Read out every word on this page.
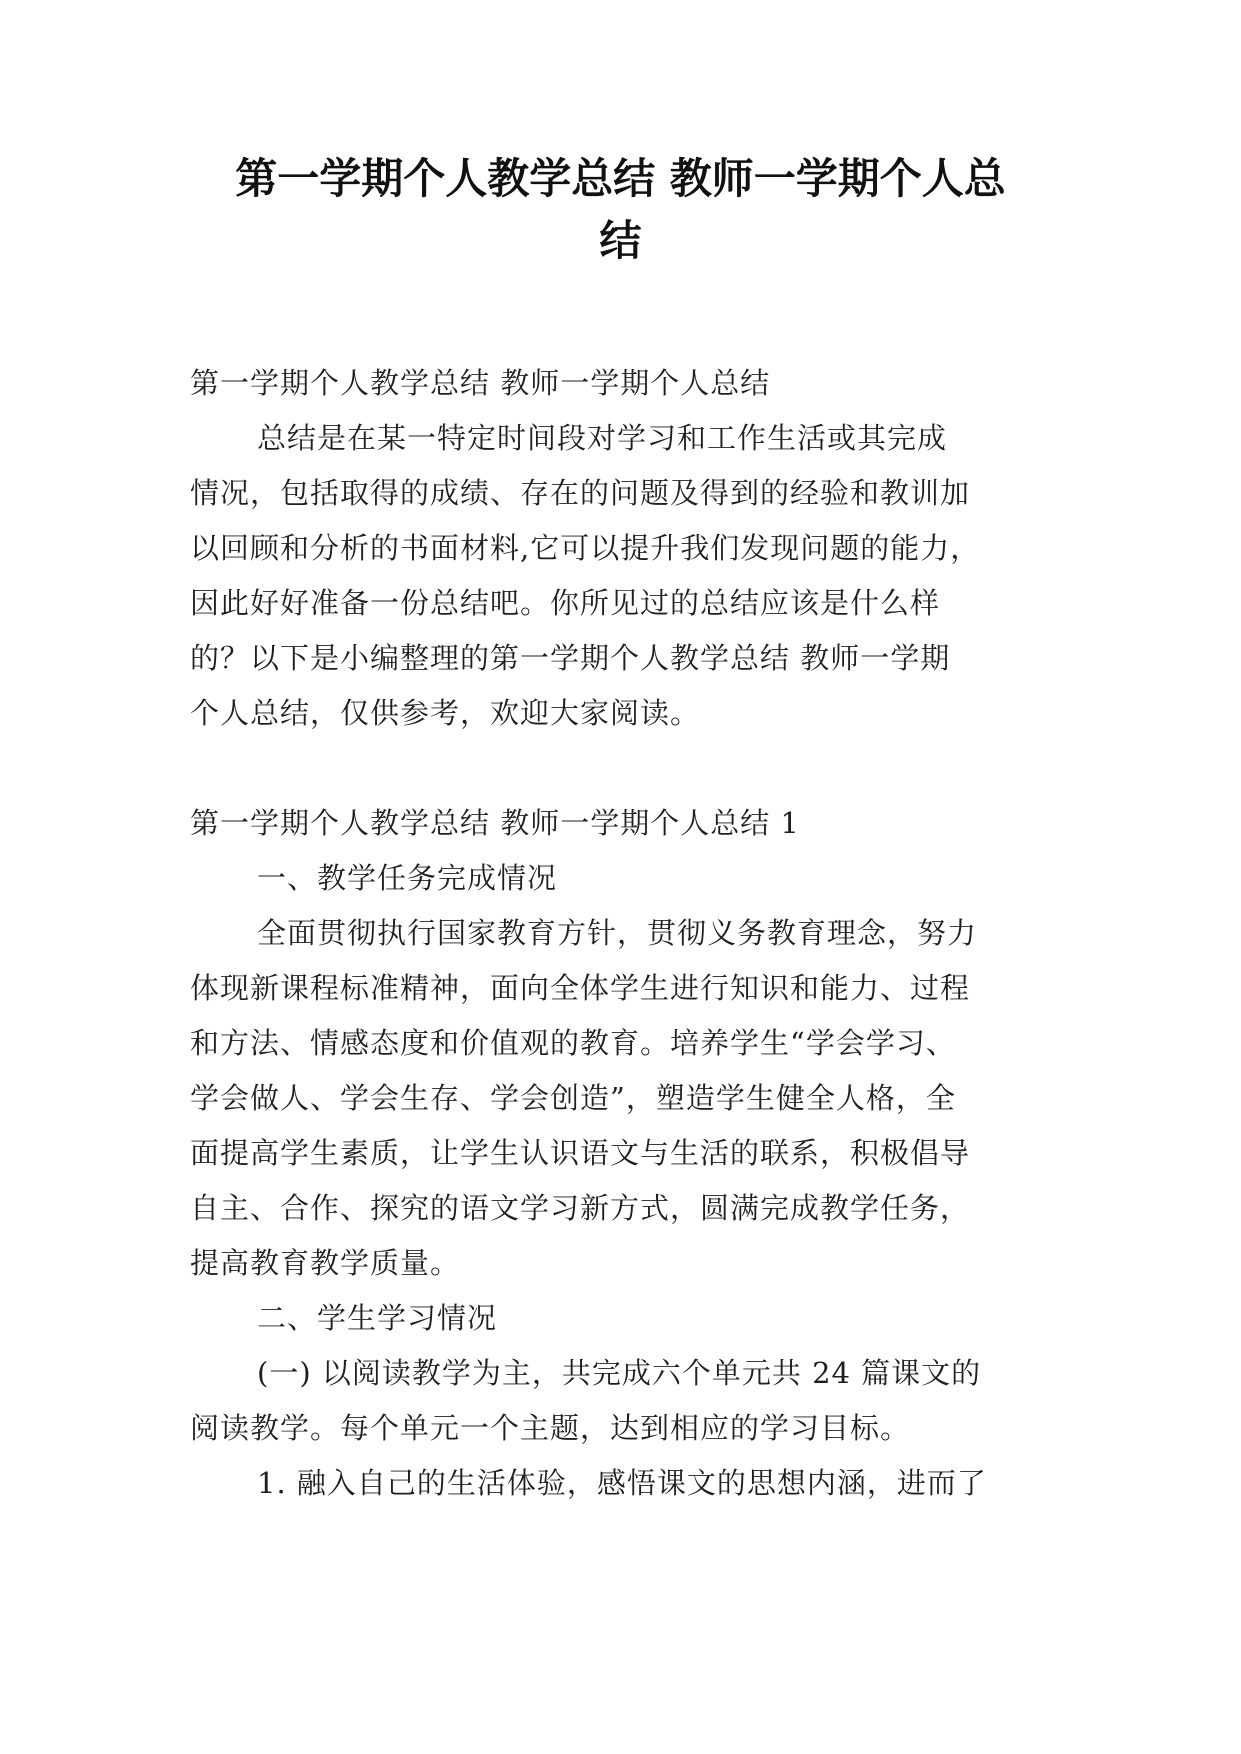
第一学期个人教学总结 教师一学期个人总
结
第一学期个人教学总结 教师一学期个人总结
总结是在某一特定时间段对学习和工作生活或其完成
情况，包括取得的成绩、存在的问题及得到的经验和教训加
以回顾和分析的书面材料,它可以提升我们发现问题的能力，
因此好好准备一份总结吧。你所见过的总结应该是什么样
的？以下是小编整理的第一学期个人教学总结 教师一学期
个人总结，仅供参考，欢迎大家阅读。
第一学期个人教学总结 教师一学期个人总结 1
一、教学任务完成情况
全面贯彻执行国家教育方针，贯彻义务教育理念，努力
体现新课程标准精神，面向全体学生进行知识和能力、过程
和方法、情感态度和价值观的教育。培养学生“学会学习、
学会做人、学会生存、学会创造”，塑造学生健全人格，全
面提高学生素质，让学生认识语文与生活的联系，积极倡导
自主、合作、探究的语文学习新方式，圆满完成教学任务，
提高教育教学质量。
二、学生学习情况
(一) 以阅读教学为主，共完成六个单元共 24 篇课文的
阅读教学。每个单元一个主题，达到相应的学习目标。
1. 融入自己的生活体验，感悟课文的思想内涵，进而了
